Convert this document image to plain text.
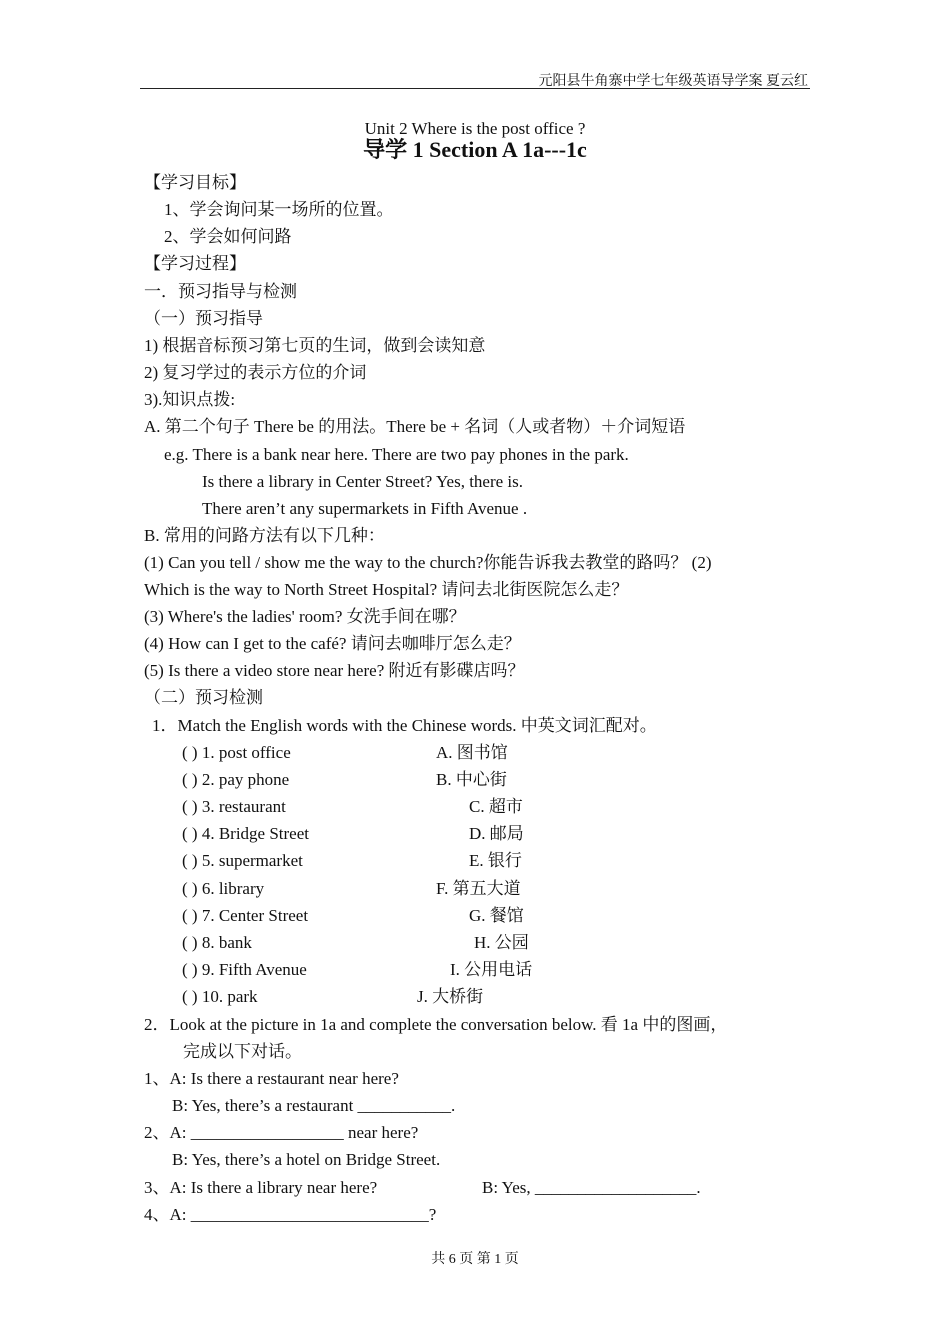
元阳县牛角寨中学七年级英语导学案 夏云红
Unit 2 Where is the post office ?
导学 1 Section A 1a---1c
【学习目标】
1、学会询问某一场所的位置。
2、学会如何问路
【学习过程】
一．预习指导与检测
（一）预习指导
1) 根据音标预习第七页的生词，做到会读知意
2) 复习学过的表示方位的介词
3).知识点拨:
A. 第二个句子 There be 的用法。There be + 名词（人或者物）＋介词短语
e.g. There is a bank near here. There are two pay phones in the park.
Is there a library in Center Street? Yes, there is.
There aren’t any supermarkets in Fifth Avenue .
B. 常用的问路方法有以下几种：
(1) Can you tell / show me the way to the church?你能告诉我去教堂的路吗？ (2)
Which is the way to North Street Hospital? 请问去北街医院怎么走？
(3) Where's the ladies' room? 女洗手间在哪？
(4) How can I get to the café? 请问去咖啡厅怎么走？
(5) Is there a video store near here? 附近有影碟店吗？
（二）预习检测
1．Match the English words with the Chinese words. 中英文词汇配对。
( ) 1. post office
( ) 2. pay phone
( ) 3. restaurant
( ) 4. Bridge Street
( ) 5. supermarket
( ) 6. library
( ) 7. Center Street
( ) 8. bank
( ) 9. Fifth Avenue
( ) 10. park
A. 图书馆
B. 中心街
C. 超市
D. 邮局
E. 银行
F. 第五大道
G. 餐馆
H. 公园
I. 公用电话
J. 大桥街
2．Look at the picture in 1a and complete the conversation below. 看 1a 中的图画，
完成以下对话。
1、A: Is there a restaurant near here?
B: Yes, there’s a restaurant ___________.
2、A: __________________ near here?
B: Yes, there’s a hotel on Bridge Street.
3、A: Is there a library near here?	B: Yes, ___________________.
4、A: ____________________________?
共 6 页 第 1 页
